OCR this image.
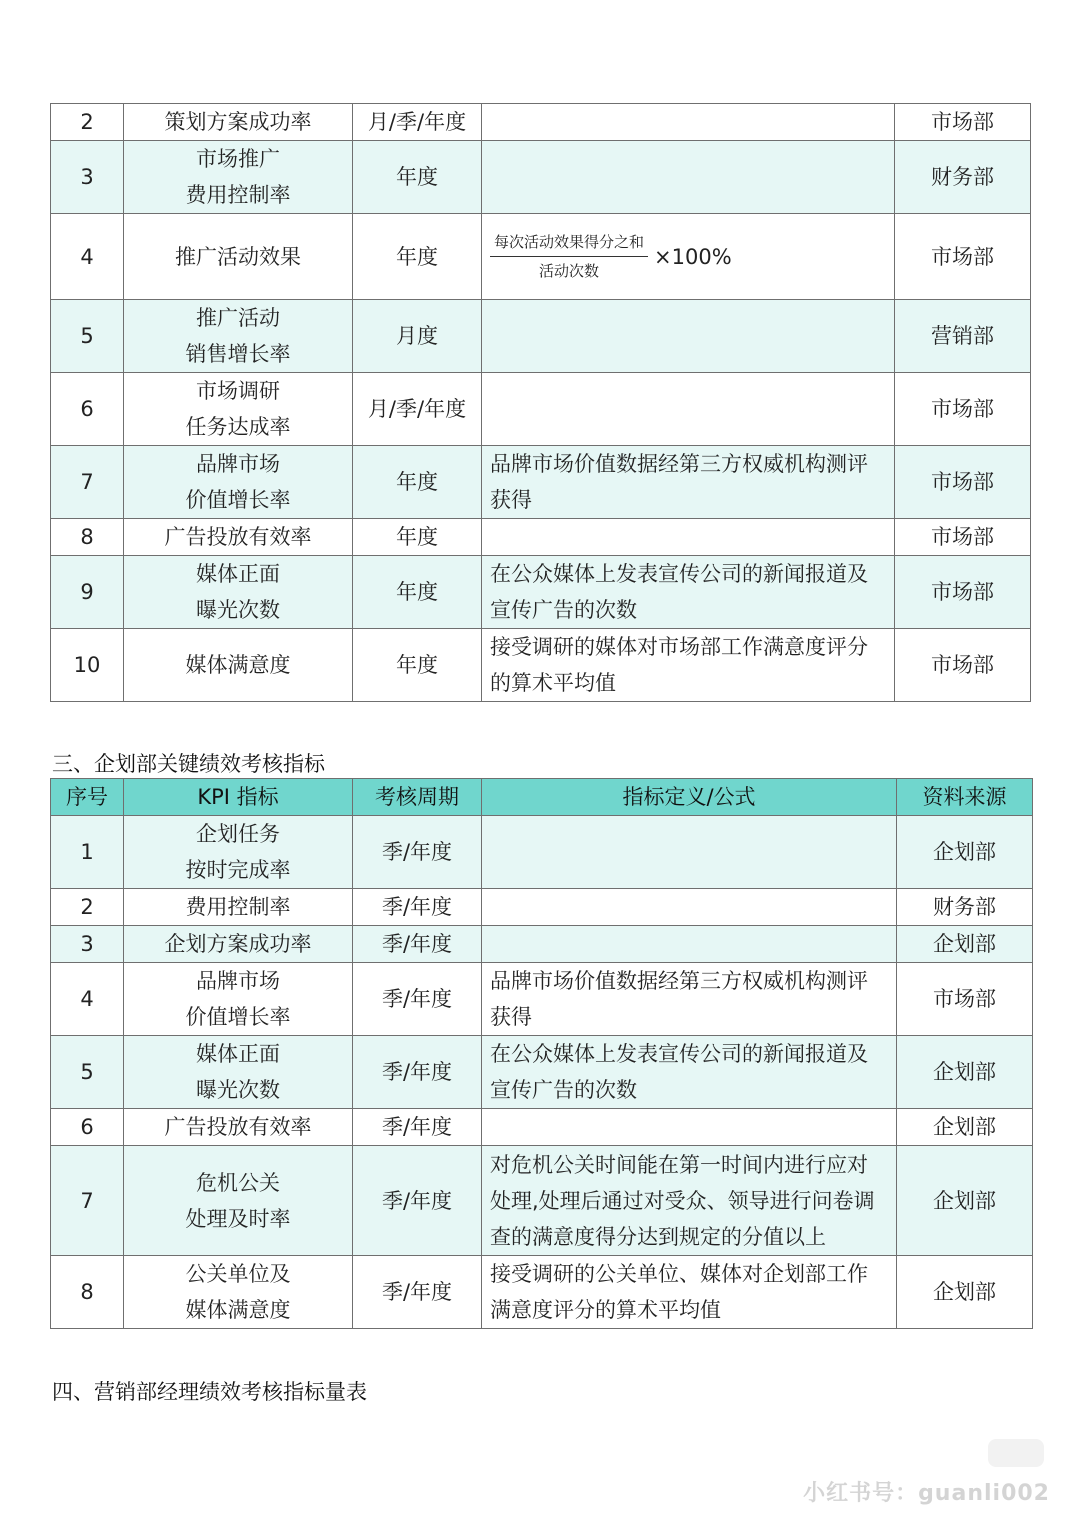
2	策划方案成功率	月/季/年度		市场部
3	市场推广
费用控制率	年度		财务部
4	推广活动效果	年度	$\frac{\text{每次活动效果得分之和}}{\text{活动次数}} \times 100\%$	市场部
5	推广活动
销售增长率	月度		营销部
6	市场调研
任务达成率	月/季/年度		市场部
7	品牌市场
价值增长率	年度	品牌市场价值数据经第三方权威机构测评
获得	市场部
8	广告投放有效率	年度		市场部
9	媒体正面
曝光次数	年度	在公众媒体上发表宣传公司的新闻报道及
宣传广告的次数	市场部
10	媒体满意度	年度	接受调研的媒体对市场部工作满意度评分
的算术平均值	市场部
三、企划部关键绩效考核指标
序号	KPI 指标	考核周期	指标定义/公式	资料来源
1	企划任务
按时完成率	季/年度		企划部
2	费用控制率	季/年度		财务部
3	企划方案成功率	季/年度		企划部
4	品牌市场
价值增长率	季/年度	品牌市场价值数据经第三方权威机构测评
获得	市场部
5	媒体正面
曝光次数	季/年度	在公众媒体上发表宣传公司的新闻报道及
宣传广告的次数	企划部
6	广告投放有效率	季/年度		企划部
7	危机公关
处理及时率	季/年度	对危机公关时间能在第一时间内进行应对
处理,处理后通过对受众、领导进行问卷调
查的满意度得分达到规定的分值以上	企划部
8	公关单位及
媒体满意度	季/年度	接受调研的公关单位、媒体对企划部工作
满意度评分的算术平均值	企划部
四、营销部经理绩效考核指标量表
小红书号：guanli002
